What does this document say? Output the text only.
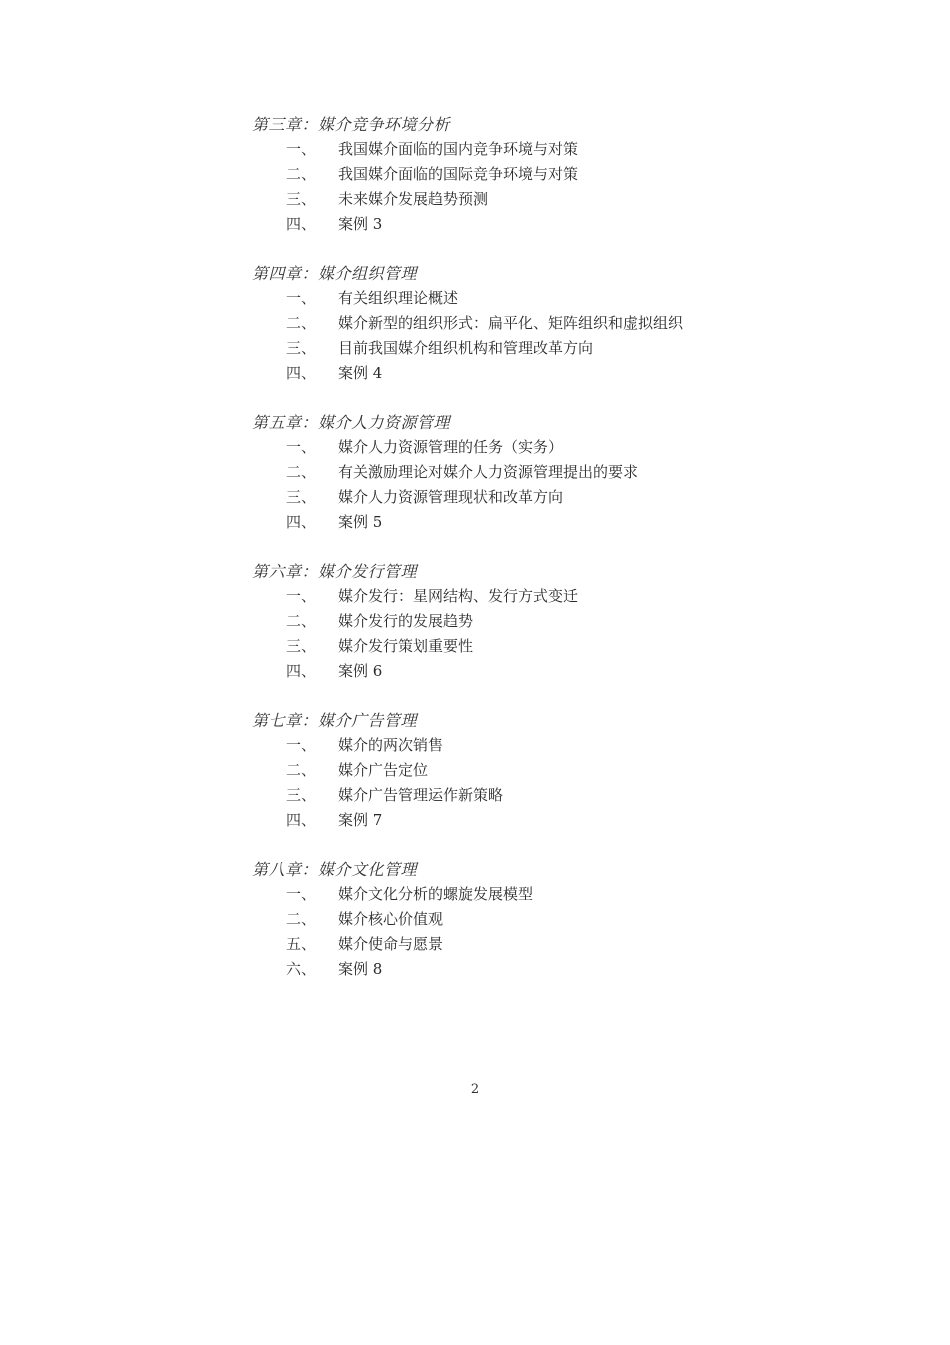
第三章：媒介竞争环境分析
一、	我国媒介面临的国内竞争环境与对策
二、	我国媒介面临的国际竞争环境与对策
三、	未来媒介发展趋势预测
四、	案例 3
第四章：媒介组织管理
一、	有关组织理论概述
二、	媒介新型的组织形式：扁平化、矩阵组织和虚拟组织
三、	目前我国媒介组织机构和管理改革方向
四、	案例 4
第五章：媒介人力资源管理
一、	媒介人力资源管理的任务（实务）
二、	有关激励理论对媒介人力资源管理提出的要求
三、	媒介人力资源管理现状和改革方向
四、	案例 5
第六章：媒介发行管理
一、	媒介发行：星网结构、发行方式变迁
二、	媒介发行的发展趋势
三、	媒介发行策划重要性
四、	案例 6
第七章：媒介广告管理
一、	媒介的两次销售
二、	媒介广告定位
三、	媒介广告管理运作新策略
四、	案例 7
第八章：媒介文化管理
一、	媒介文化分析的螺旋发展模型
二、	媒介核心价值观
五、	媒介使命与愿景
六、	案例 8
2
